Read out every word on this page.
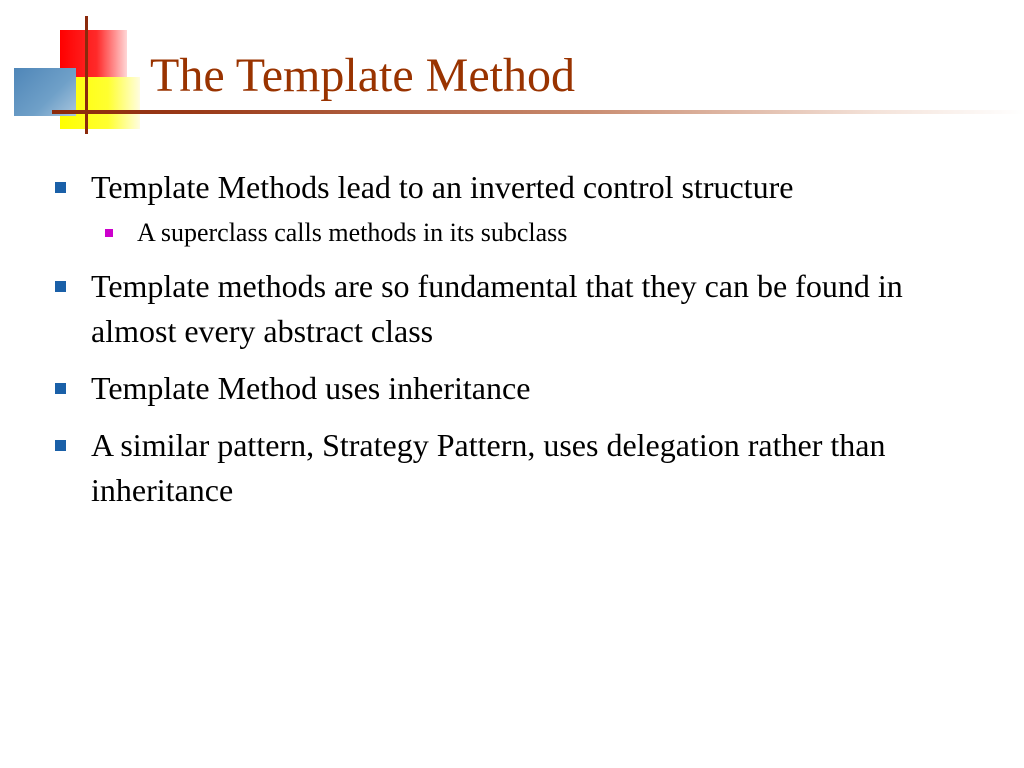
The Template Method
Template Methods lead to an inverted control structure
A superclass calls methods in its subclass
Template methods are so fundamental that they can be found in almost every abstract class
Template Method uses inheritance
A similar pattern, Strategy Pattern, uses delegation rather than inheritance
